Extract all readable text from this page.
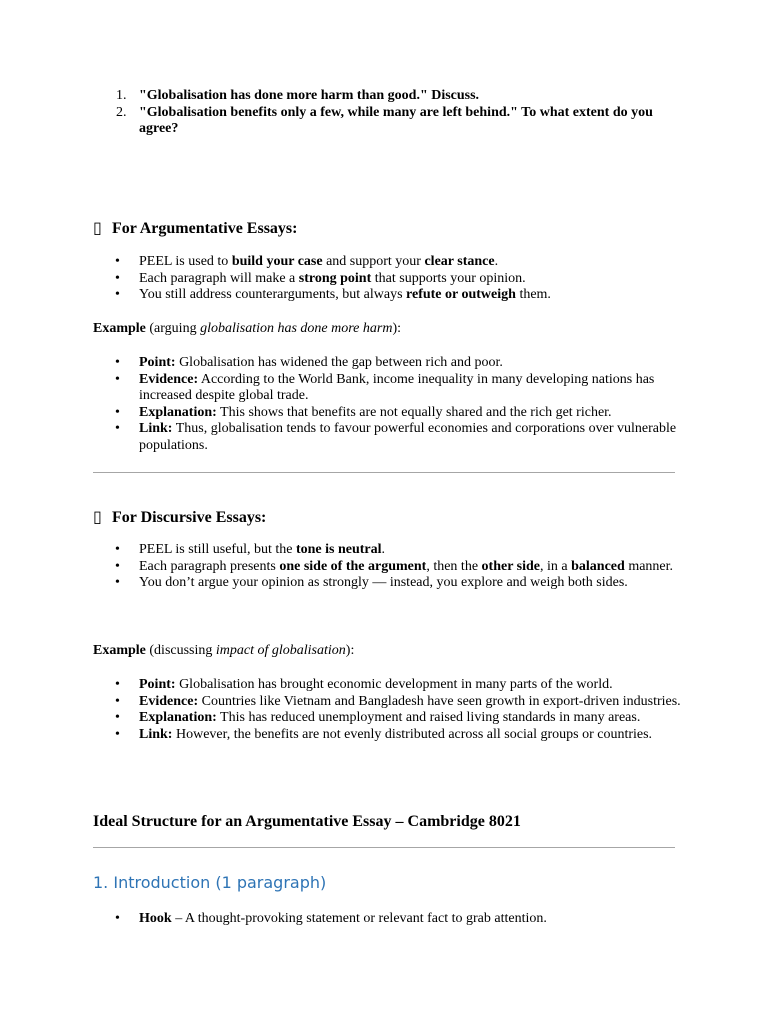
1. "Globalisation has done more harm than good." Discuss.
2. "Globalisation benefits only a few, while many are left behind." To what extent do you agree?
▯ For Argumentative Essays:
• PEEL is used to build your case and support your clear stance.
• Each paragraph will make a strong point that supports your opinion.
• You still address counterarguments, but always refute or outweigh them.
Example (arguing globalisation has done more harm):
• Point: Globalisation has widened the gap between rich and poor.
• Evidence: According to the World Bank, income inequality in many developing nations has increased despite global trade.
• Explanation: This shows that benefits are not equally shared and the rich get richer.
• Link: Thus, globalisation tends to favour powerful economies and corporations over vulnerable populations.
▯ For Discursive Essays:
• PEEL is still useful, but the tone is neutral.
• Each paragraph presents one side of the argument, then the other side, in a balanced manner.
• You don’t argue your opinion as strongly — instead, you explore and weigh both sides.
Example (discussing impact of globalisation):
• Point: Globalisation has brought economic development in many parts of the world.
• Evidence: Countries like Vietnam and Bangladesh have seen growth in export-driven industries.
• Explanation: This has reduced unemployment and raised living standards in many areas.
• Link: However, the benefits are not evenly distributed across all social groups or countries.
Ideal Structure for an Argumentative Essay – Cambridge 8021
1. Introduction (1 paragraph)
• Hook – A thought-provoking statement or relevant fact to grab attention.
